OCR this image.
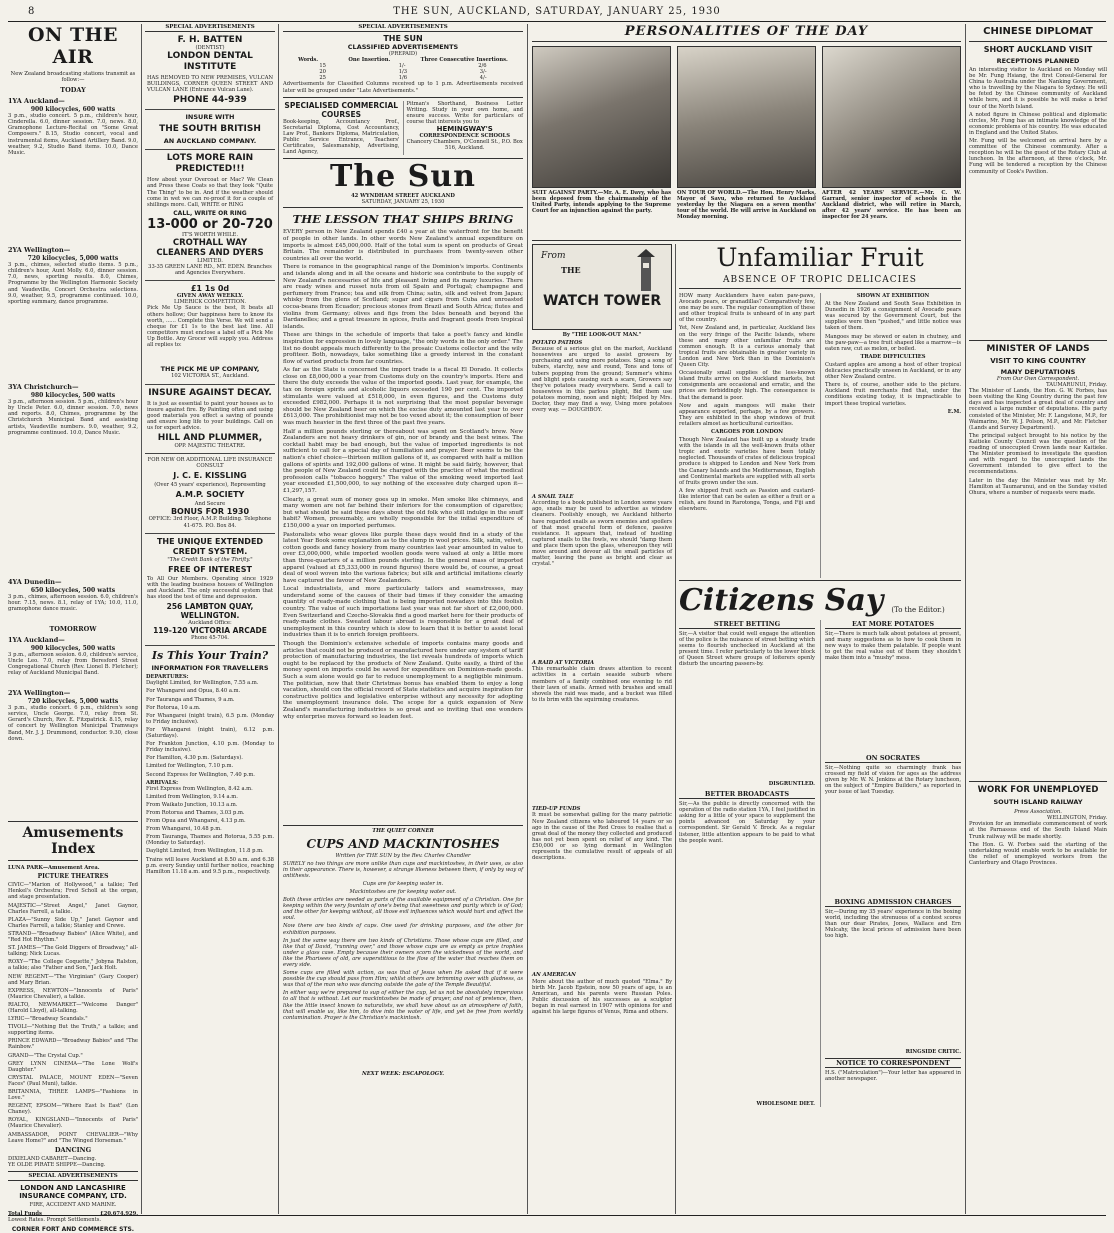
8	THE SUN, AUCKLAND, SATURDAY, JANUARY 25, 1930
ON THE AIR
New Zealand broadcasting stations transmit as follow:—
TODAY
1YA Auckland—
900 kilocycles, 600 watts
3 p.m., studio concert. 5 p.m., children's hour, Cinderella. 6.0, dinner session. 7.0, news. 8.0, Gramophone Lecture-Recital on "Some Great Composers." 8.15, Studio concert, vocal and instrumental items, Auckland Artillery Band. 9.0, weather, 9.2, Studio Band items. 10.0, Dance Music.
2YA Wellington—
720 kilocycles, 5,000 watts
3 p.m., chimes, selected studio items. 5 p.m., children's hour, Aunt Molly. 6.0, dinner session. 7.0, news, sporting results. 8.0, Chimes, Programme by the Wellington Harmonic Society and Vaudeville, Concert Orchestra selections. 9.0, weather, 9.5, programme continued. 10.0, sporting summary, dance programme.
3YA Christchurch—
980 kilocycles, 500 watts
3 p.m., afternoon session. 5 p.m., children's hour by Uncle Peter. 6.0, dinner session. 7.0, news and reports. 8.0, Chimes, programme by the Christchurch Municipal Band and assisting artists, Vaudeville numbers. 9.0, weather, 9.2, programme continued. 10.0, Dance Music.
4YA Dunedin—
650 kilocycles, 500 watts
3 p.m., chimes, afternoon session. 6.0, children's hour. 7.15, news. 8.1, relay of 1YA; 10.0, 11.0, gramophone dance music.
TOMORROW
1YA Auckland—
900 kilocycles, 500 watts
3 p.m., afternoon session. 6.0, children's service, Uncle Leo. 7.0, relay from Beresford Street Congregational Church (Rev. Lionel B. Fletcher); relay of Auckland Municipal Band.
2YA Wellington—
720 kilocycles, 5,000 watts
3 p.m., studio concert. 6 p.m., children's song service, Uncle George. 7.0, relay from St. Gerard's Church, Rev. E. Fitzpatrick. 8.15, relay of concert by Wellington Municipal Tramways Band, Mr. J. J. Drummond, conductor. 9.30, close down.
Amusements Index
LUNA PARK—Amusement Area.
PICTURE THEATRES

CIVIC—"Marion of Hollywood," a talkie; Ted Henkel's Orchestra; Fred Scholl at the organ, and stage presentation.

MAJESTIC—"Street Angel," Janet Gaynor, Charles Farrell, a talkie.

PLAZA—"Sunny Side Up," Janet Gaynor and Charles Farrell, a talkie; Stanley and Crewe.

STRAND—"Broadway Babies" (Alice White), and "Red Hot Rhythm."

ST. JAMES—"The Gold Diggers of Broadway," all-talking; Nick Lucas.

ROXY—"The College Coquette," Jobyna Ralston, a talkie; also "Father and Son," Jack Holt.

NEW REGENT—"The Virginian" (Gary Cooper) and Mary Brian.

EXPRESS, NEWTON—"Innocents of Paris" (Maurice Chevalier), a talkie.

RIALTO, NEWMARKET—"Welcome Danger" (Harold Lloyd), all-talking.

LYRIC—"Broadway Scandals."

TIVOLI—"Nothing But the Truth," a talkie; and supporting items.

PRINCE EDWARD—"Broadway Babies" and "The Rainbow."

GRAND—"The Crystal Cup."

GREY LYNN CINEMA—"The Lone Wolf's Daughter."

CRYSTAL PALACE, MOUNT EDEN—"Seven Faces" (Paul Muni), talkie.

BRITANNIA, THREE LAMPS—"Fashions in Love."

REGENT, EPSOM—"Where East Is East" (Lon Chaney).

ROYAL, KINGSLAND—"Innocents of Paris" (Maurice Chevalier).

AMBASSADOR, POINT CHEVALIER—"Why Leave Home?" and "The Winged Horseman."

DANCING
DIXIELAND CABARET—Dancing.
YE OLDE PIRATE SHIPPE—Dancing.
SPECIAL ADVERTISEMENTS
LONDON AND LANCASHIRE INSURANCE COMPANY, LTD.
FIRE, ACCIDENT AND MARINE.
Total Funds	£20,674,929.
Lowest Rates. Prompt Settlements.
CORNER FORT AND COMMERCE STS.
SPECIAL ADVERTISEMENTS
F. H. BATTEN
(DENTIST)
LONDON DENTAL INSTITUTE
HAS REMOVED TO NEW PREMISES, VULCAN BUILDINGS, CORNER QUEEN STREET AND VULCAN LANE (Entrance Vulcan Lane).
PHONE 44-939
INSURE WITH
THE SOUTH BRITISH
AN AUCKLAND COMPANY.
LOTS MORE RAIN PREDICTED!!!
How about your Overcoat or Mac? We Clean and Press these Coats so that they look "Quite The Thing" to be in. And if the weather should come in wet we can re-proof it for a couple of shillings more. Call, WRITE or RING
CALL, WRITE OR RING
13-000 or 20-720
IT'S WORTH WHILE.
CROTHALL WAY CLEANERS AND DYERS
LIMITED.
33-35 GREEN LANE RD., MT. EDEN. Branches and Agencies Everywhere.
£1 1s 0d
GIVEN AWAY WEEKLY.
LIMERICK COMPETITION.
Pick Me Up Sauce is the best, It beats all others hollow; Our happiness here to know its worth, ...... Complete this Verse. We will send a cheque for £1 1s to the best last line. All competitors must enclose a label off a Pick Me Up Bottle. Any Grocer will supply you. Address all replies to:
THE PICK ME UP COMPANY,
102 VICTORIA ST., Auckland.
INSURE AGAINST DECAY.
It is just as essential to paint your houses as to insure against fire. By Painting often and using good materials you effect a saving of pounds and ensure long life to your buildings. Call on us for expert advice.
HILL AND PLUMMER,
OPP. MAJESTIC THEATRE.
FOR NEW OR ADDITIONAL LIFE INSURANCE CONSULT
J. C. E. KISSLING
(Over 45 years' experience), Representing
A.M.P. SOCIETY
And Secure
BONUS FOR 1930
OFFICE: 3rd Floor, A.M.P. Building. Telephone 41-675. P.O. Box 84.
THE UNIQUE EXTENDED CREDIT SYSTEM.
"The Credit Bank of the Thrifty."
FREE OF INTEREST
To All Our Members. Operating since 1929 with the leading business houses of Wellington and Auckland. The only successful system that has stood the test of time and depression.
256 LAMBTON QUAY, WELLINGTON.
Auckland Office:
119-120 VICTORIA ARCADE
Phone 45-704.
Is This Your Train?
INFORMATION FOR TRAVELLERS
DEPARTURES:

Daylight Limited, for Wellington, 7.55 a.m.

For Whangarei and Opua, 8.40 a.m.

For Tauranga and Thames, 9 a.m.

For Rotorua, 10 a.m.

For Whangarei (night train), 6.5 p.m. (Monday to Friday inclusive).

For Whangarei (night train), 6.12 p.m. (Saturdays).

For Frankton Junction, 4.10 p.m. (Monday to Friday inclusive).

For Hamilton, 4.30 p.m. (Saturdays).

Limited for Wellington, 7.10 p.m.

Second Express for Wellington, 7.40 p.m.

ARRIVALS:

First Express from Wellington, 8.42 a.m.

Limited from Wellington, 9.14 a.m.

From Waikato Junction, 10.13 a.m.

From Rotorua and Thames, 3.03 p.m.

From Opua and Whangarei, 4.13 p.m.

From Whangarei, 10.48 p.m.

From Tauranga, Thames and Rotorua, 5.55 p.m. (Monday to Saturday).

Daylight Limited, from Wellington, 11.8 p.m.

Trains will leave Auckland at 8.50 a.m. and 6.38 p.m. every Sunday until further notice, reaching Hamilton 11.18 a.m. and 9.5 p.m., respectively.
SPECIAL ADVERTISEMENTS
THE SUN
CLASSIFIED ADVERTISEMENTS
(PREPAID)
Words.	One Insertion.	Three Consecutive Insertions.
15	1/-	2/6
20	1/3	3/-
25	1/6	4/-
Advertisements for Classified Columns received up to 1 p.m. Advertisements received later will be grouped under "Late Advertisements."
SPECIALISED COMMERCIAL COURSES
Book-keeping, Accountancy Prof., Secretarial Diploma, Cost Accountancy, Law Prof., Bankers Diploma, Matriculation, Public Service Entrance, Teachers' Certificates, Salesmanship, Advertising, Land Agency,
Pitman's Shorthand, Business Letter Writing. Study in your own home, and ensure success. Write for particulars of course that interests you to
HEMINGWAY'S
CORRESPONDENCE SCHOOLS
Chancery Chambers, O'Connell St., P.O. Box 516, Auckland.
The Sun
42 WYNDHAM STREET AUCKLAND
SATURDAY, JANUARY 25, 1930
THE LESSON THAT SHIPS BRING

EVERY person in New Zealand spends £40 a year at the waterfront for the benefit of people in other lands. In other words New Zealand's annual expenditure on imports is almost £45,000,000. Half of the total sum is spent on products of Great Britain. The remainder is distributed in purchases from twenty-seven other countries all over the world.

There is romance in the geographical range of the Dominion's imports. Continents and islands along and in all the oceans and historic sea contribute to the supply of New Zealand's necessaries of life and pleasant living and its many luxuries. There are ready wines and russet nuts from oil Spain and Portugal; champagne and perfumery from France; tea and silk from China; satin, silk and velvet from Japan; whisky from the glens of Scotland; sugar and cigars from Cuba and unroasted cocoa-beans from Ecuador; precious stones from Brazil and South Africa; flutes and violins from Germany; olives and figs from the Isles beneath and beyond the Dardanelles; and a great treasure in spices, fruits and fragrant goods from tropical islands.

These are things in the schedule of imports that take a poet's fancy and kindle inspiration for expression in lovely language, "the only words in the only order." The list no doubt appeals much differently to the prosaic Customs collector and the wily profiteer. Both, nowadays, take something like a greedy interest in the constant flow of varied products from far countries.

As far as the State is concerned the import trade is a fiscal El Dorado. It collects close on £8,000,000 a year from Customs duty on the country's imports. Here and there the duty exceeds the value of the imported goods. Last year, for example, the tax on foreign spirits and alcoholic liquors exceeded 190 per cent. The imported stimulants were valued at £518,000, in even figures, and the Customs duty exceeded £982,000. Perhaps it is not surprising that the most popular beverage should be New Zealand beer on which the excise duty amounted last year to over £613,000. The prohibitionist may not be too vexed about it; the consumption of beer was much heavier in the first three of the past five years.

Half a million pounds sterling or thereabout was spent on Scotland's brew. New Zealanders are not heavy drinkers of gin, nor of brandy and the best wines. The cocktail habit may be bad enough, but the value of imported ingredients is not sufficient to call for a special day of humiliation and prayer. Beer seems to be the nation's chief choice—thirteen million gallons of it, as compared with half a million gallons of spirits and 192,000 gallons of wine. It might be said fairly, however, that the people of New Zealand could be charged with the practice of what the medical profession calls "tobacco hoggery." The value of the smoking weed imported last year exceeded £1,500,000, to say nothing of the excessive duty charged upon it—£1,297,157.

Clearly, a great sum of money goes up in smoke. Men smoke like chimneys, and many women are not far behind their inferiors for the consumption of cigarettes; but what should be said these days about the old folk who still indulge in the snuff habit? Women, presumably, are wholly responsible for the initial expenditure of £150,000 a year on imported perfumes.

Pastoralists who wear gloves like purple these days would find in a study of the latest Year Book some explanation as to the slump in wool prices. Silk, satin, velvet, cotton goods and fancy hosiery from many countries last year amounted in value to over £3,000,000, while imported woollen goods were valued at only a little more than three-quarters of a million pounds sterling. In the general mass of imported apparel (valued at £5,333,000 in round figures) there would be, of course, a great deal of wool woven into the various fabrics; but silk and artificial imitations clearly have captured the favour of New Zealanders.

Local industrialists, and more particularly tailors and seamstresses, may understand some of the causes of their bad times if they consider the amazing quantity of ready-made clothing that is being imported nowadays into this foolish country. The value of such importations last year was not far short of £2,000,000. Even Switzerland and Czecho-Slovakia find a good market here for their products of ready-made clothes. Sweated labour abroad is responsible for a great deal of unemployment in this country which is slow to learn that it is better to assist local industries than it is to enrich foreign profiteers.

Though the Dominion's extensive schedule of imports contains many goods and articles that could not be produced or manufactured here under any system of tariff protection of manufacturing industries, the list reveals hundreds of imports which ought to be replaced by the products of New Zealand. Quite easily, a third of the money spent on imports could be saved for expenditure on Dominion-made goods. Such a sum alone would go far to reduce unemployment to a negligible minimum. The politician, now that their Christmas bonus has enabled them to enjoy a long vacation, should con the official record of State statistics and acquire inspiration for constructive politics and legislative enterprise without any necessity for adopting the unemployment insurance dole. The scope for a quick expansion of New Zealand's manufacturing industries is so great and so inviting that one wonders why enterprise moves forward so leaden feet.

THE QUIET CORNER
CUPS AND MACKINTOSHES
Written for THE SUN by the Rev. Charles Chandler

SURELY no two things are more unlike than cups and mackintoshes, in their uses, as also in their appearance. There is, however, a strange likeness between them, if only by way of antithesis.

Cups are for keeping water in.

Mackintoshes are for keeping water out.

Both these articles are needed as parts of the available equipment of a Christian. One for keeping within the very fountain of one's being that sweetness and purity which is of God; and the other for keeping without, all those evil influences which would hurt and affect the soul.

Now there are two kinds of cups. One used for drinking purposes, and the other for exhibition purposes.

In just the same way there are two kinds of Christians. Those whose cups are filled, and like that of David, "running over," and those whose cups are as empty as prize trophies under a glass case. Empty because their owners scorn the wickedness of the world, and like the Pharisees of old, are superstitious to the flow of the water that reaches them on every side.

Some cups are filled with action, as was that of Jesus when He asked that if it were possible the cup should pass from Him; whilst others are brimming over with gladness, as was that of the man who was dancing outside the gate of the Temple Beautiful.

In either way we're prepared to sup of either the cup, let us not be absolutely impervious to all that is without. Let our mackintoshes be made of prayer, and not of pretence, then, like the little insect known to naturalists, we shall have about us an atmosphere of faith, that will enable us, like him, to dive into the water of life, and yet be free from worldly contamination. Prayer is the Christian's mackintosh.

NEXT WEEK: ESCAPOLOGY.
PERSONALITIES OF THE DAY
SUIT AGAINST PARTY.—Mr. A. E. Davy, who has been deposed from the chairmanship of the United Party, intends applying to the Supreme Court for an injunction against the party.
ON TOUR OF WORLD.—The Hon. Henry Marks, Mayor of Savu, who returned to Auckland yesterday by the Niagara on a seven months' tour of the world. He will arrive in Auckland on Monday morning.
AFTER 42 YEARS' SERVICE.—Mr. C. W. Garrard, senior inspector of schools in the Auckland district, who will retire in March, after 42 years' service. He has been an inspector for 24 years.
From
THE
WATCH TOWER
By "THE LOOK-OUT MAN."
POTATO PATHOS
Because of a serious glut on the market, Auckland housewives are urged to assist growers by purchasing and using more potatoes. Sing a song of tubers, starchy, new and round, Tons and tons of tubers popping from the ground; Summer's whims and blight spots causing such a scare, Growers say they've potatoes ready everywhere. Send a call to housewives in this parlous plight, Bid them use potatoes morning, noon and night; Helped by Mrs. Doctor, they may find a way, Using more potatoes every way. — DOUGHBOY.
A SNAIL TALE
According to a book published in London some years ago, snails may be used to advertise as window cleaners. Foolishly enough, we Auckland hitherto have regarded snails as sworn enemies and spoilers of that most graceful form of defence, passive resistance. It appears that, instead of hustling captured snails to the fowls, we should "damp them and place them upon the glass, whereupon they will move around and devour all the small particles of matter, leaving the pane as bright and clear as crystal."
A RAID AT VICTORIA
This remarkable claim draws attention to recent activities in a certain seaside suburb where members of a family combined one evening to rid their lawn of snails. Armed with brushes and small shovels the raid was made, and a bucket was filled to its brim with the squirming creatures.
TIED-UP FUNDS
It must be somewhat galling for the many patriotic New Zealand citizens who laboured 14 years or so ago in the cause of the Red Cross to realise that a great deal of the money they collected and produced has not yet been spent on relief of any kind. The £50,000 or so lying dormant in Wellington represents the cumulative result of appeals of all descriptions.
AN AMERICAN
More about the author of much quoted "Elma." By birth Mr. Jacob Epstein, now 50 years of age, is an American, and his parents were Russian Poles. Public discussion of his successes as a sculptor began in real earnest in 1907 with opinions for and against his large figures of Venus, Rima and others.
Unfamiliar Fruit
ABSENCE OF TROPIC DELICACIES

HOW many Aucklanders have eaten paw-paws, Avocado pears, or granadillas? Comparatively few, one may be sure. The regular consumption of these and other tropical fruits is unheard of in any part of the country.

Yet, New Zealand and, in particular, Auckland lies on the very fringe of the Pacific Islands, where these and many other unfamiliar fruits are common enough. It is a curious anomaly that tropical fruits are obtainable in greater variety in London and New York than in the Dominion's Queen City.

Occasionally small supplies of the less-known island fruits arrive on the Auckland markets, but consignments are occasional and erratic, and the prices are forbiddingly high. The consequence is that the demand is poor.

Now and again mangoes will make their appearance exported, perhaps, by a few growers. They are exhibited in the shop windows of fruit retailers almost as horticultural curiosities.

CARGOES FOR LONDON

Though New Zealand has built up a steady trade with the islands in all the well-known fruits other tropic and exotic varieties have been totally neglected. Thousands of crates of delicious tropical produce is shipped to London and New York from the Canary Islands and the Mediterranean, English and Continental markets are supplied with all sorts of fruits grown under the sun.

A few shipped fruit such as Passion and custard-like interior that can be eaten as either a fruit or a relish, are found in Rarotonga, Tonga, and Fiji and elsewhere.

SHOWN AT EXHIBITION

At the New Zealand and South Seas Exhibition in Dunedin in 1926 a consignment of Avocado pears was secured by the Government Court, but the supplies were then "pushed," and little notice was taken of them.

Mangoes may be stewed or eaten in chutney, and the paw-paw—a tree fruit shaped like a marrow—is eaten raw, cut as melon, or boiled.

TRADE DIFFICULTIES

Custard apples are among a host of other tropical delicacies practically unseen in Auckland, or in any other New Zealand centre.

There is, of course, another side to the picture. Auckland fruit merchants find that, under the conditions existing today, it is impracticable to import these tropical varieties.

E.M.

Citizens Say (To the Editor.)
STREET BETTING
Sir,—A visitor that could well engage the attention of the police is the nuisance of street betting which seems to flourish unchecked in Auckland at the present time. I refer particularly to the lower block of Queen Street where groups of loiterers openly disturb the uncaring passers-by.
DISGRUNTLED.
BETTER BROADCASTS
Sir,—As the public is directly concerned with the operation of the radio station 1YA, I feel justified in asking for a little of your space to supplement the points advanced on Saturday by your correspondent. Sir Gerald V. Brock. As a regular listener, little attention appears to be paid to what the people want.
WHOLESOME DIET.
EAT MORE POTATOES
Sir,—There is much talk about potatoes at present, and many suggestions as to how to cook them in new ways to make them palatable. If people want to get the real value out of them they shouldn't make them into a "mushy" mess.
ON SOCRATES
Sir,—Nothing quite so charmingly frank has crossed my field of vision for ages as the address given by Mr. W. N. Jenkins at the Rotary luncheon, on the subject of "Empire Builders," as reported in your issue of last Tuesday.
BOXING ADMISSION CHARGES
Sir,—During my 35 years' experience in the boxing world, including the strenuous of a contest scores than our dear Pirates, Jones, Wallace and Ern Mulcahy, the local prices of admission have been too high.
RINGSIDE CRITIC.
NOTICE TO CORRESPONDENT
H.S. ("Matriculation")—Your letter has appeared in another newspaper.
CHINESE DIPLOMAT
SHORT AUCKLAND VISIT
RECEPTIONS PLANNED

An interesting visitor to Auckland on Monday will be Mr. Fung Hsiang, the first Consul-General for China to Australia under the Nanking Government, who is travelling by the Niagara to Sydney. He will be feted by the Chinese community of Auckland while here, and it is possible he will make a brief tour of the North Island.

A noted figure in Chinese political and diplomatic circles, Mr. Fung has an intimate knowledge of the economic problems of his country. He was educated in England and the United States.

Mr. Fung will be welcomed on arrival here by a committee of the Chinese community. After a reception he will be the guest of the Rotary Club at luncheon. In the afternoon, at three o'clock, Mr. Fung will be tendered a reception by the Chinese community of Cook's Pavilion.

MINISTER OF LANDS
VISIT TO KING COUNTRY
MANY DEPUTATIONS
From Our Own Correspondent.
TAUMARUNUI, Friday.

The Minister of Lands, the Hon. G. W. Forbes, has been visiting the King Country during the past few days and has inspected a great deal of country and received a large number of deputations. His party consisted of the Minister, Mr. F. Langstone, M.P., for Waimarino, Mr. W. J. Polson, M.P., and Mr. Fletcher (Lands and Survey Department).

The principal subject brought to his notice by the Kaitieke County Council was the question of the roading of unoccupied Crown lands near Kaitieke. The Minister promised to investigate the question and with regard to the unoccupied lands the Government intended to give effect to the recommendations.

Later in the day the Minister was met by Mr. Hamilton at Taumarunui, and on the Sunday visited Ohura, where a number of requests were made.

WORK FOR UNEMPLOYED
SOUTH ISLAND RAILWAY
Press Association.
WELLINGTON, Friday.

Provision for an immediate commencement of work at the Parnassus end of the South Island Main Trunk railway will be made shortly.

The Hon. G. W. Forbes said the starting of the undertaking would enable work to be available for the relief of unemployed workers from the Canterbury and Otago Provinces.
